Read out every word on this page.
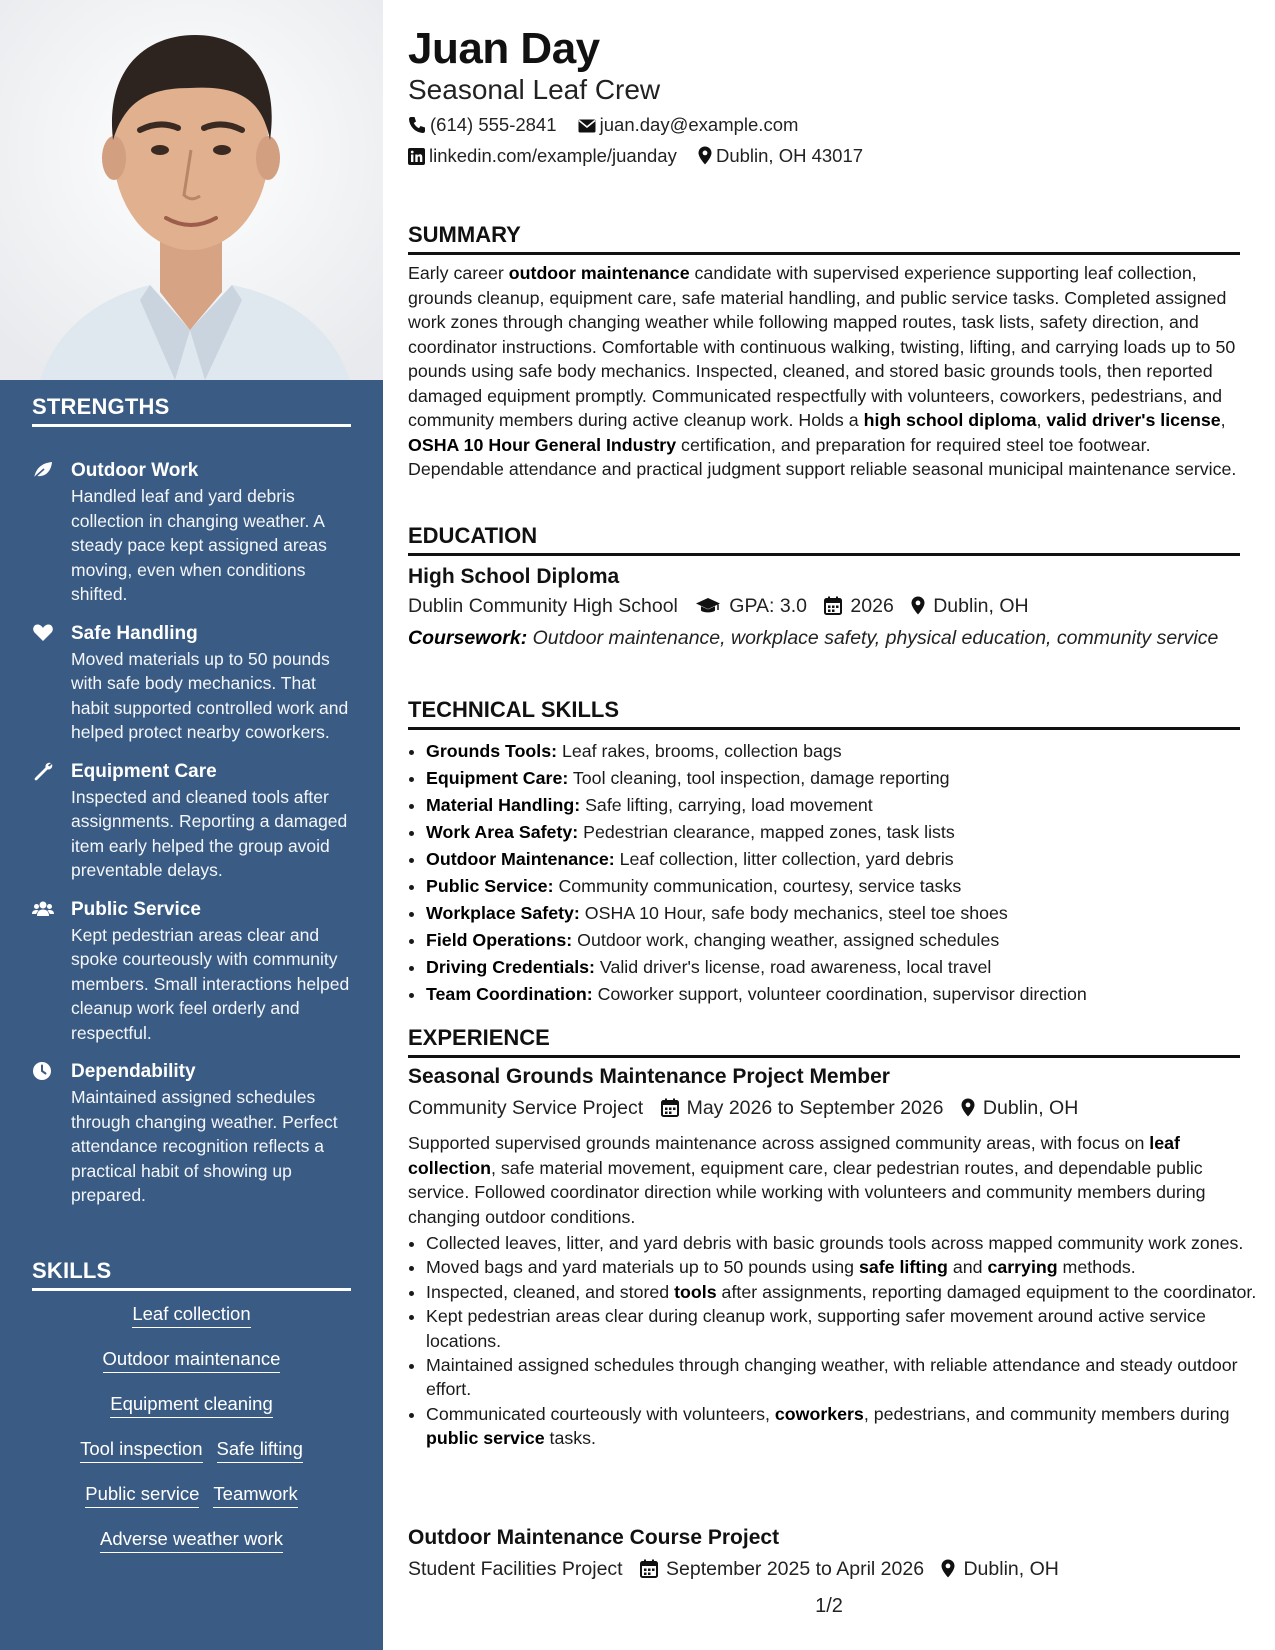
STRENGTHS
Outdoor Work
Handled leaf and yard debris collection in changing weather. A steady pace kept assigned areas moving, even when conditions shifted.
Safe Handling
Moved materials up to 50 pounds with safe body mechanics. That habit supported controlled work and helped protect nearby coworkers.
Equipment Care
Inspected and cleaned tools after assignments. Reporting a damaged item early helped the group avoid preventable delays.
Public Service
Kept pedestrian areas clear and spoke courteously with community members. Small interactions helped cleanup work feel orderly and respectful.
Dependability
Maintained assigned schedules through changing weather. Perfect attendance recognition reflects a practical habit of showing up prepared.
SKILLS
Leaf collection
Outdoor maintenance
Equipment cleaning
Tool inspection Safe lifting
Public service Teamwork
Adverse weather work
Juan Day
Seasonal Leaf Crew
(614) 555-2841 juan.day@example.com
linkedin.com/example/juanday Dublin, OH 43017
SUMMARY
Early career outdoor maintenance candidate with supervised experience supporting leaf collection, grounds cleanup, equipment care, safe material handling, and public service tasks. Completed assigned work zones through changing weather while following mapped routes, task lists, safety direction, and coordinator instructions. Comfortable with continuous walking, twisting, lifting, and carrying loads up to 50 pounds using safe body mechanics. Inspected, cleaned, and stored basic grounds tools, then reported damaged equipment promptly. Communicated respectfully with volunteers, coworkers, pedestrians, and community members during active cleanup work. Holds a high school diploma, valid driver's license, OSHA 10 Hour General Industry certification, and preparation for required steel toe footwear. Dependable attendance and practical judgment support reliable seasonal municipal maintenance service.
EDUCATION
High School Diploma
Dublin Community High School	GPA: 3.0 2026 Dublin, OH
Coursework: Outdoor maintenance, workplace safety, physical education, community service
TECHNICAL SKILLS
• Grounds Tools: Leaf rakes, brooms, collection bags
• Equipment Care: Tool cleaning, tool inspection, damage reporting
• Material Handling: Safe lifting, carrying, load movement
• Work Area Safety: Pedestrian clearance, mapped zones, task lists
• Outdoor Maintenance: Leaf collection, litter collection, yard debris
• Public Service: Community communication, courtesy, service tasks
• Workplace Safety: OSHA 10 Hour, safe body mechanics, steel toe shoes
• Field Operations: Outdoor work, changing weather, assigned schedules
• Driving Credentials: Valid driver's license, road awareness, local travel
• Team Coordination: Coworker support, volunteer coordination, supervisor direction
EXPERIENCE
Seasonal Grounds Maintenance Project Member
Community Service Project May 2026 to September 2026 Dublin, OH
Supported supervised grounds maintenance across assigned community areas, with focus on leaf collection, safe material movement, equipment care, clear pedestrian routes, and dependable public service. Followed coordinator direction while working with volunteers and community members during changing outdoor conditions.
• Collected leaves, litter, and yard debris with basic grounds tools across mapped community work zones.
• Moved bags and yard materials up to 50 pounds using safe lifting and carrying methods.
• Inspected, cleaned, and stored tools after assignments, reporting damaged equipment to the coordinator.
• Kept pedestrian areas clear during cleanup work, supporting safer movement around active service locations.
• Maintained assigned schedules through changing weather, with reliable attendance and steady outdoor effort.
• Communicated courteously with volunteers, coworkers, pedestrians, and community members during public service tasks.
Outdoor Maintenance Course Project
Student Facilities Project September 2025 to April 2026 Dublin, OH
1/2
